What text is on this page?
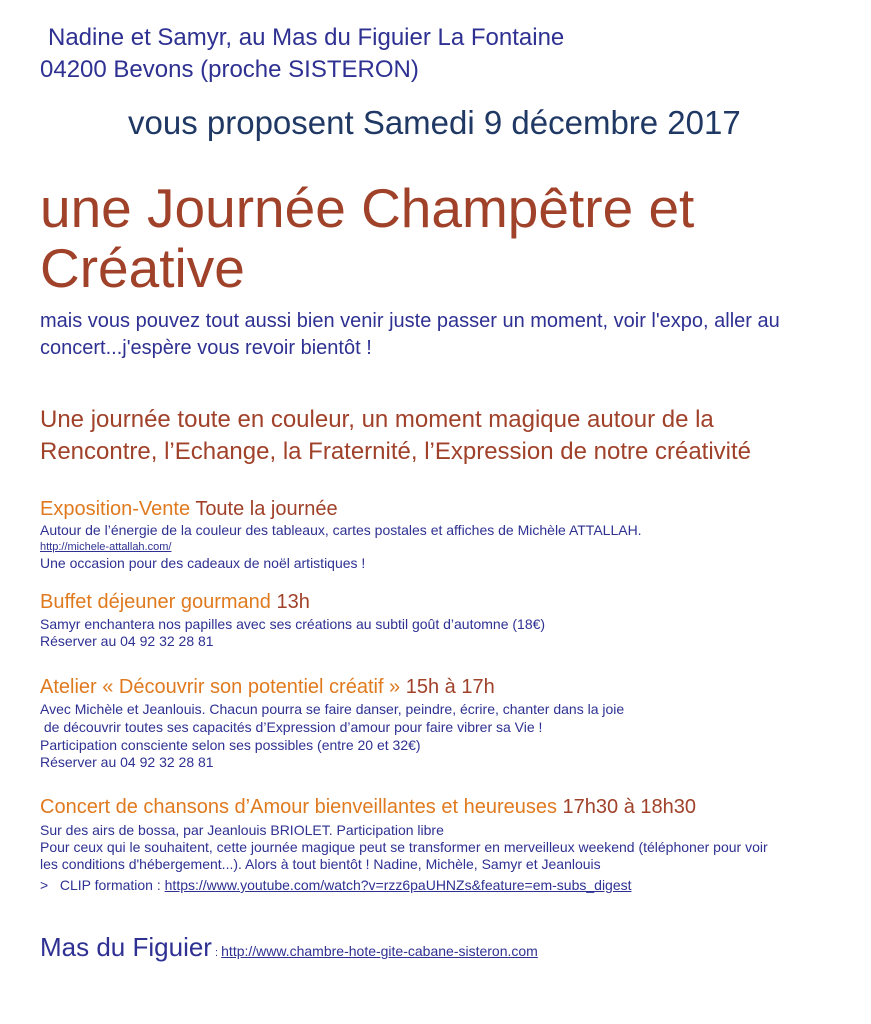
Nadine et Samyr, au Mas du Figuier La Fontaine
04200 Bevons (proche SISTERON)
vous proposent Samedi 9 décembre 2017
une Journée Champêtre et Créative
mais vous pouvez tout aussi bien venir juste passer un moment, voir l'expo, aller au
concert...j'espère vous revoir bientôt !
Une journée toute en couleur, un moment magique autour de la
Rencontre, l’Echange, la Fraternité, l’Expression de notre créativité
Exposition-Vente Toute la journée
Autour de l’énergie de la couleur des tableaux, cartes postales et affiches de Michèle ATTALLAH.
http://michele-attallah.com/
Une occasion pour des cadeaux de noël artistiques !
Buffet déjeuner gourmand 13h
Samyr enchantera nos papilles avec ses créations au subtil goût d’automne (18€)
Réserver au 04 92 32 28 81
Atelier « Découvrir son potentiel créatif » 15h à 17h
Avec Michèle et Jeanlouis. Chacun pourra se faire danser, peindre, écrire, chanter dans la joie
de découvrir toutes ses capacités d’Expression d’amour pour faire vibrer sa Vie !
Participation consciente selon ses possibles (entre 20 et 32€)
Réserver au 04 92 32 28 81
Concert de chansons d’Amour bienveillantes et heureuses 17h30 à 18h30
Sur des airs de bossa, par Jeanlouis BRIOLET. Participation libre
Pour ceux qui le souhaitent, cette journée magique peut se transformer en merveilleux weekend (téléphoner pour voir
les conditions d'hébergement...). Alors à tout bientôt ! Nadine, Michèle, Samyr et Jeanlouis
>   CLIP formation : https://www.youtube.com/watch?v=rzz6paUHNZs&feature=em-subs_digest
Mas du Figuier : http://www.chambre-hote-gite-cabane-sisteron.com
